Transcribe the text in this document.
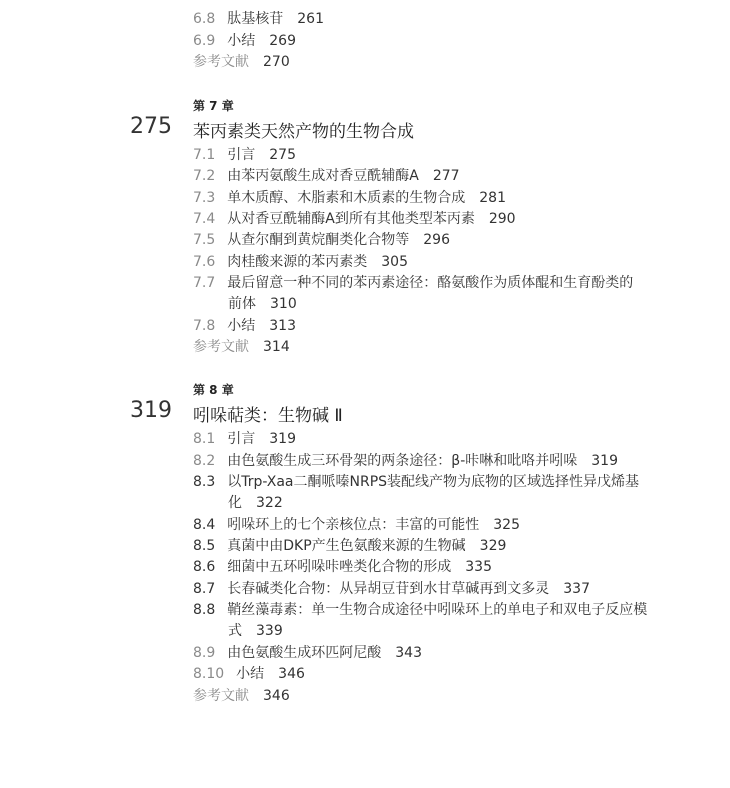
6.8 肽基核苷 261
6.9 小结 269
参考文献 270
第 7 章
275 苯丙素类天然产物的生物合成
7.1 引言 275
7.2 由苯丙氨酸生成对香豆酰辅酶A 277
7.3 单木质醇、木脂素和木质素的生物合成 281
7.4 从对香豆酰辅酶A到所有其他类型苯丙素 290
7.5 从查尔酮到黄烷酮类化合物等 296
7.6 肉桂酸来源的苯丙素类 305
7.7 最后留意一种不同的苯丙素途径：酪氨酸作为质体醌和生育酚类的
前体 310
7.8 小结 313
参考文献 314
第 8 章
319 吲哚萜类：生物碱 Ⅱ
8.1 引言 319
8.2 由色氨酸生成三环骨架的两条途径：β-咔啉和吡咯并吲哚 319
8.3 以Trp-Xaa二酮哌嗪NRPS装配线产物为底物的区域选择性异戊烯基
化 322
8.4 吲哚环上的七个亲核位点：丰富的可能性 325
8.5 真菌中由DKP产生色氨酸来源的生物碱 329
8.6 细菌中五环吲哚咔唑类化合物的形成 335
8.7 长春碱类化合物：从异胡豆苷到水甘草碱再到文多灵 337
8.8 鞘丝藻毒素：单一生物合成途径中吲哚环上的单电子和双电子反应模
式 339
8.9 由色氨酸生成环匹阿尼酸 343
8.10 小结 346
参考文献 346
